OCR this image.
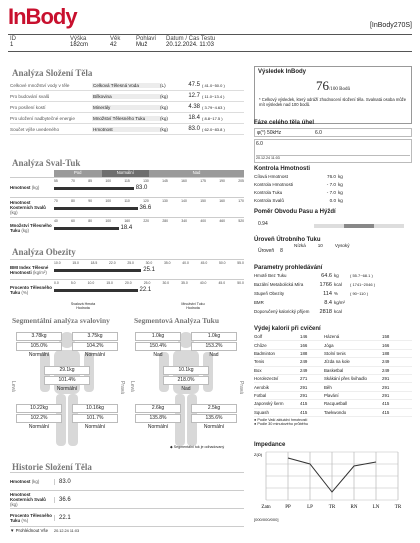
InBody	[InBody270S]
ID
1
Výška
182cm
Věk
42
Pohlaví
Muž
Datum / Čas Testu
20.12.2024. 11:03
Analýza Složení Těla
Celkové množství vody v těle	Celková Tělesná Voda	(L)	47.5 ( 41.0~50.0 )
Pro budování svalů	Bílkovina	(kg)	12.7 ( 11.0~13.4 )
Pro posílení kostí	Minerály	(kg)	4.38 ( 3.79~4.63 )
Pro uložení nadbytečné energie	Množství Tělesného Tuku	(kg)	18.4 ( 8.8~17.5 )
Součet výše uvedeného	Hmotnost	(kg)	83.0 ( 62.0~83.8 )
Analýza Sval-Tuk
Pod	Normální	Nad
Hmotnost (kg)
55	70	85	100	115	130	145	160	175	190	205
83.0
Hmotnost Kosterních Svalů (kg)
70	80	90	100	110	120	130	140	150	160	170
36.6
Množství Tělesného Tuku (kg)
40	60	80	100	160	220	280	340	400	460	520
18.4
Analýza Obezity
BMI Index Tělesné Hmotnosti (kg/m²)
10.0	15.0	18.5	22.0	25.0	30.0	35.0	40.0	45.0	50.0	55.0
25.1
Procento Tělesného Tuku (%)
0.0	5.0	10.0	15.0	20.0	25.0	30.0	35.0	40.0	45.0	50.0
22.1
Segmentální analýza svaloviny	Segmentová Analýza Tuku
Svalová Hmota
Hodnota
Množství Tuku
Hodnota
3.78kg
105.0%
Normální
3.75kg
104.2%
Normální
29.1kg
101.4%
Normální
10.22kg
102.2%
Normální
10.16kg
101.7%
Normální
Levá	Pravá
1.0kg
150.4%
Nad
1.0kg
153.2%
Nad
10.1kg
218.0%
Nad
2.6kg
135.8%
Normální
2.5kg
135.6%
Normální
Levá	Pravá
◆ Segmentální tuk je odhadovaný
Historie Složení Těla
Hmotnost (kg)	83.0
Hmotnost Kosterních Svalů (kg)
36.6
Procento Tělesného Tuku (%)	22.1
▼ Prohlédnout Vše	20.12.24 11:03
Výsledek InBody
76/100 Bodů
* Celkový výsledek, který odráží zhodnocení složení těla. Svalnatá osoba může mít výsledek nad 100 bodů.
Fáze celého těla úhel
φ(°) 50kHz	6.0
6.0
20.12.24 11:03
Kontrola Hmotnosti
Cílová Hmotnost	76.0 kg
Kontrola Hmotnosti	- 7.0 kg
Kontrola Tuku	- 7.0 kg
Kontrola Svalů	0.0 kg
Poměr Obvodu Pasu a Hýždí
0.94
Úroveň Útrobního Tuku
Nízká	10	Vysoký
Úroveň 8
Parametry prohledávání
Hmotě Bez Tuku	64.6 kg	( 55.7~68.1 )
Bazální Metabolická Míra	1766 kcal	( 1741~2046 )
Stupeň Obezity	114 %	( 90~110 )
BMR	8.4 kg/m²
Doporučený kalorický příjem	2818 kcal
Výdej kalorií při cvičení
Golf	146	Házená	158
Chůze	166	Jóga	166
Badminton	188	Stolní tenis	188
Tenis	249	Jízda na kole	249
Box	249	Basketbal	249
Horolezectví	271	Skákání přes švihadlo	291
Aerobik	291	Běh	291
Fotbal	291	Plavání	291
Japonský šerm	415	Racquetball	415
Squash	415	Taekwondo	415
● Podle Vaší aktuální hmotnosti
● Podle 30 minutového průběhu
Impedance
Zatn	PP	LP	TR	RN	LN	TR
Z(Ω)
[000/000/000]
